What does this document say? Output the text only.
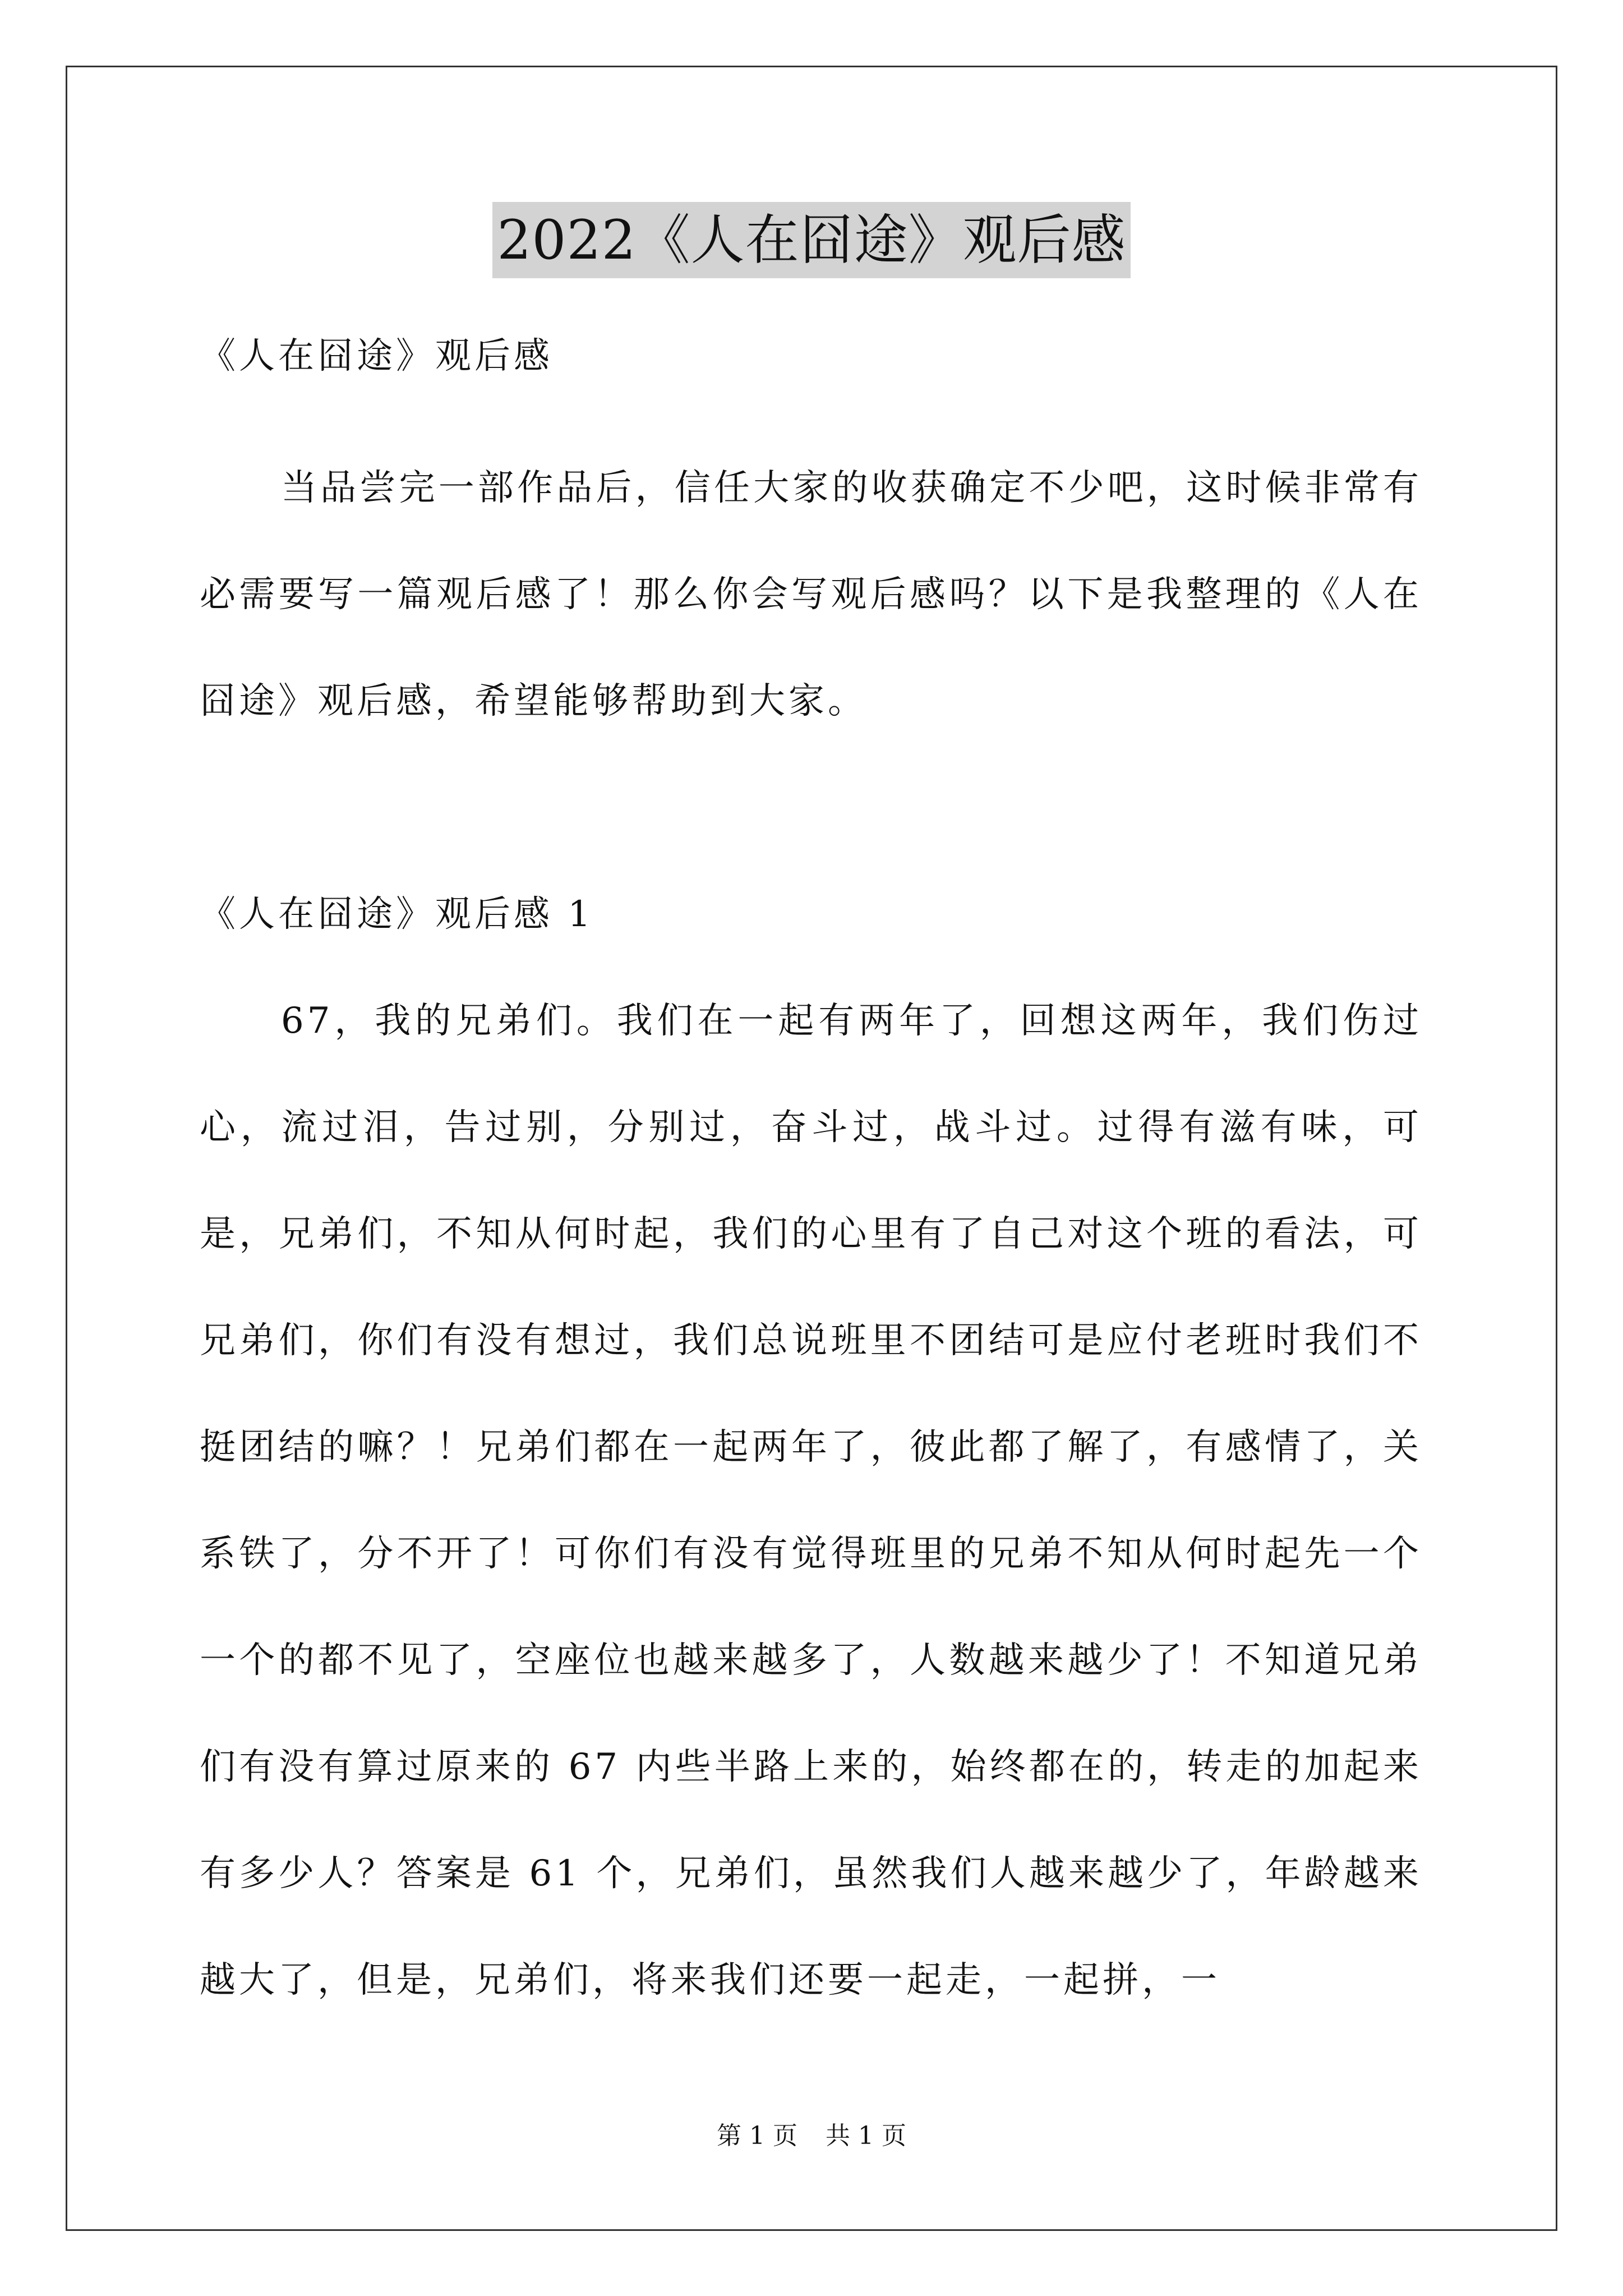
2022《人在囧途》观后感
《人在囧途》观后感
当品尝完一部作品后，信任大家的收获确定不少吧，这时候非常有必需要写一篇观后感了！那么你会写观后感吗？以下是我整理的《人在囧途》观后感，希望能够帮助到大家。
《人在囧途》观后感 1
67，我的兄弟们。我们在一起有两年了，回想这两年，我们伤过心，流过泪，告过别，分别过，奋斗过，战斗过。过得有滋有味，可是，兄弟们，不知从何时起，我们的心里有了自己对这个班的看法，可兄弟们，你们有没有想过，我们总说班里不团结可是应付老班时我们不挺团结的嘛？！兄弟们都在一起两年了，彼此都了解了，有感情了，关系铁了，分不开了！可你们有没有觉得班里的兄弟不知从何时起先一个一个的都不见了，空座位也越来越多了，人数越来越少了！不知道兄弟们有没有算过原来的 67 内些半路上来的，始终都在的，转走的加起来有多少人？答案是 61 个，兄弟们，虽然我们人越来越少了，年龄越来越大了，但是，兄弟们，将来我们还要一起走，一起拼，一
第 1 页 共 1 页
